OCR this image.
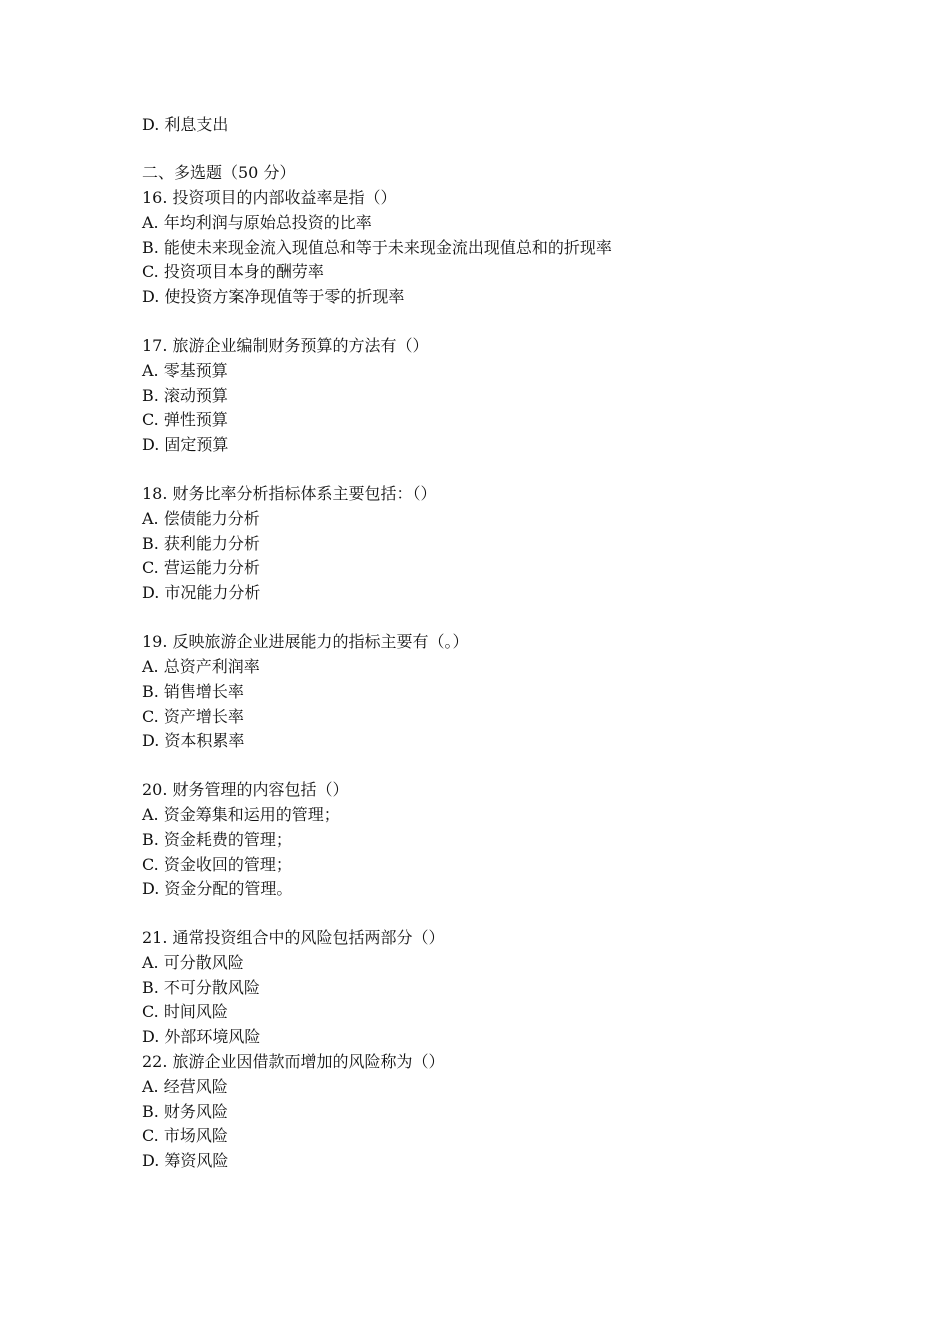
D. 利息支出
二、多选题（50 分）
16. 投资项目的内部收益率是指（）
A. 年均利润与原始总投资的比率
B. 能使未来现金流入现值总和等于未来现金流出现值总和的折现率
C. 投资项目本身的酬劳率
D. 使投资方案净现值等于零的折现率
17. 旅游企业编制财务预算的方法有（）
A. 零基预算
B. 滚动预算
C. 弹性预算
D. 固定预算
18. 财务比率分析指标体系主要包括：（）
A. 偿债能力分析
B. 获利能力分析
C. 营运能力分析
D. 市况能力分析
19. 反映旅游企业进展能力的指标主要有（。）
A. 总资产利润率
B. 销售增长率
C. 资产增长率
D. 资本积累率
20. 财务管理的内容包括（）
A. 资金筹集和运用的管理；
B. 资金耗费的管理；
C. 资金收回的管理；
D. 资金分配的管理。
21. 通常投资组合中的风险包括两部分（）
A. 可分散风险
B. 不可分散风险
C. 时间风险
D. 外部环境风险
22. 旅游企业因借款而增加的风险称为（）
A. 经营风险
B. 财务风险
C. 市场风险
D. 筹资风险
